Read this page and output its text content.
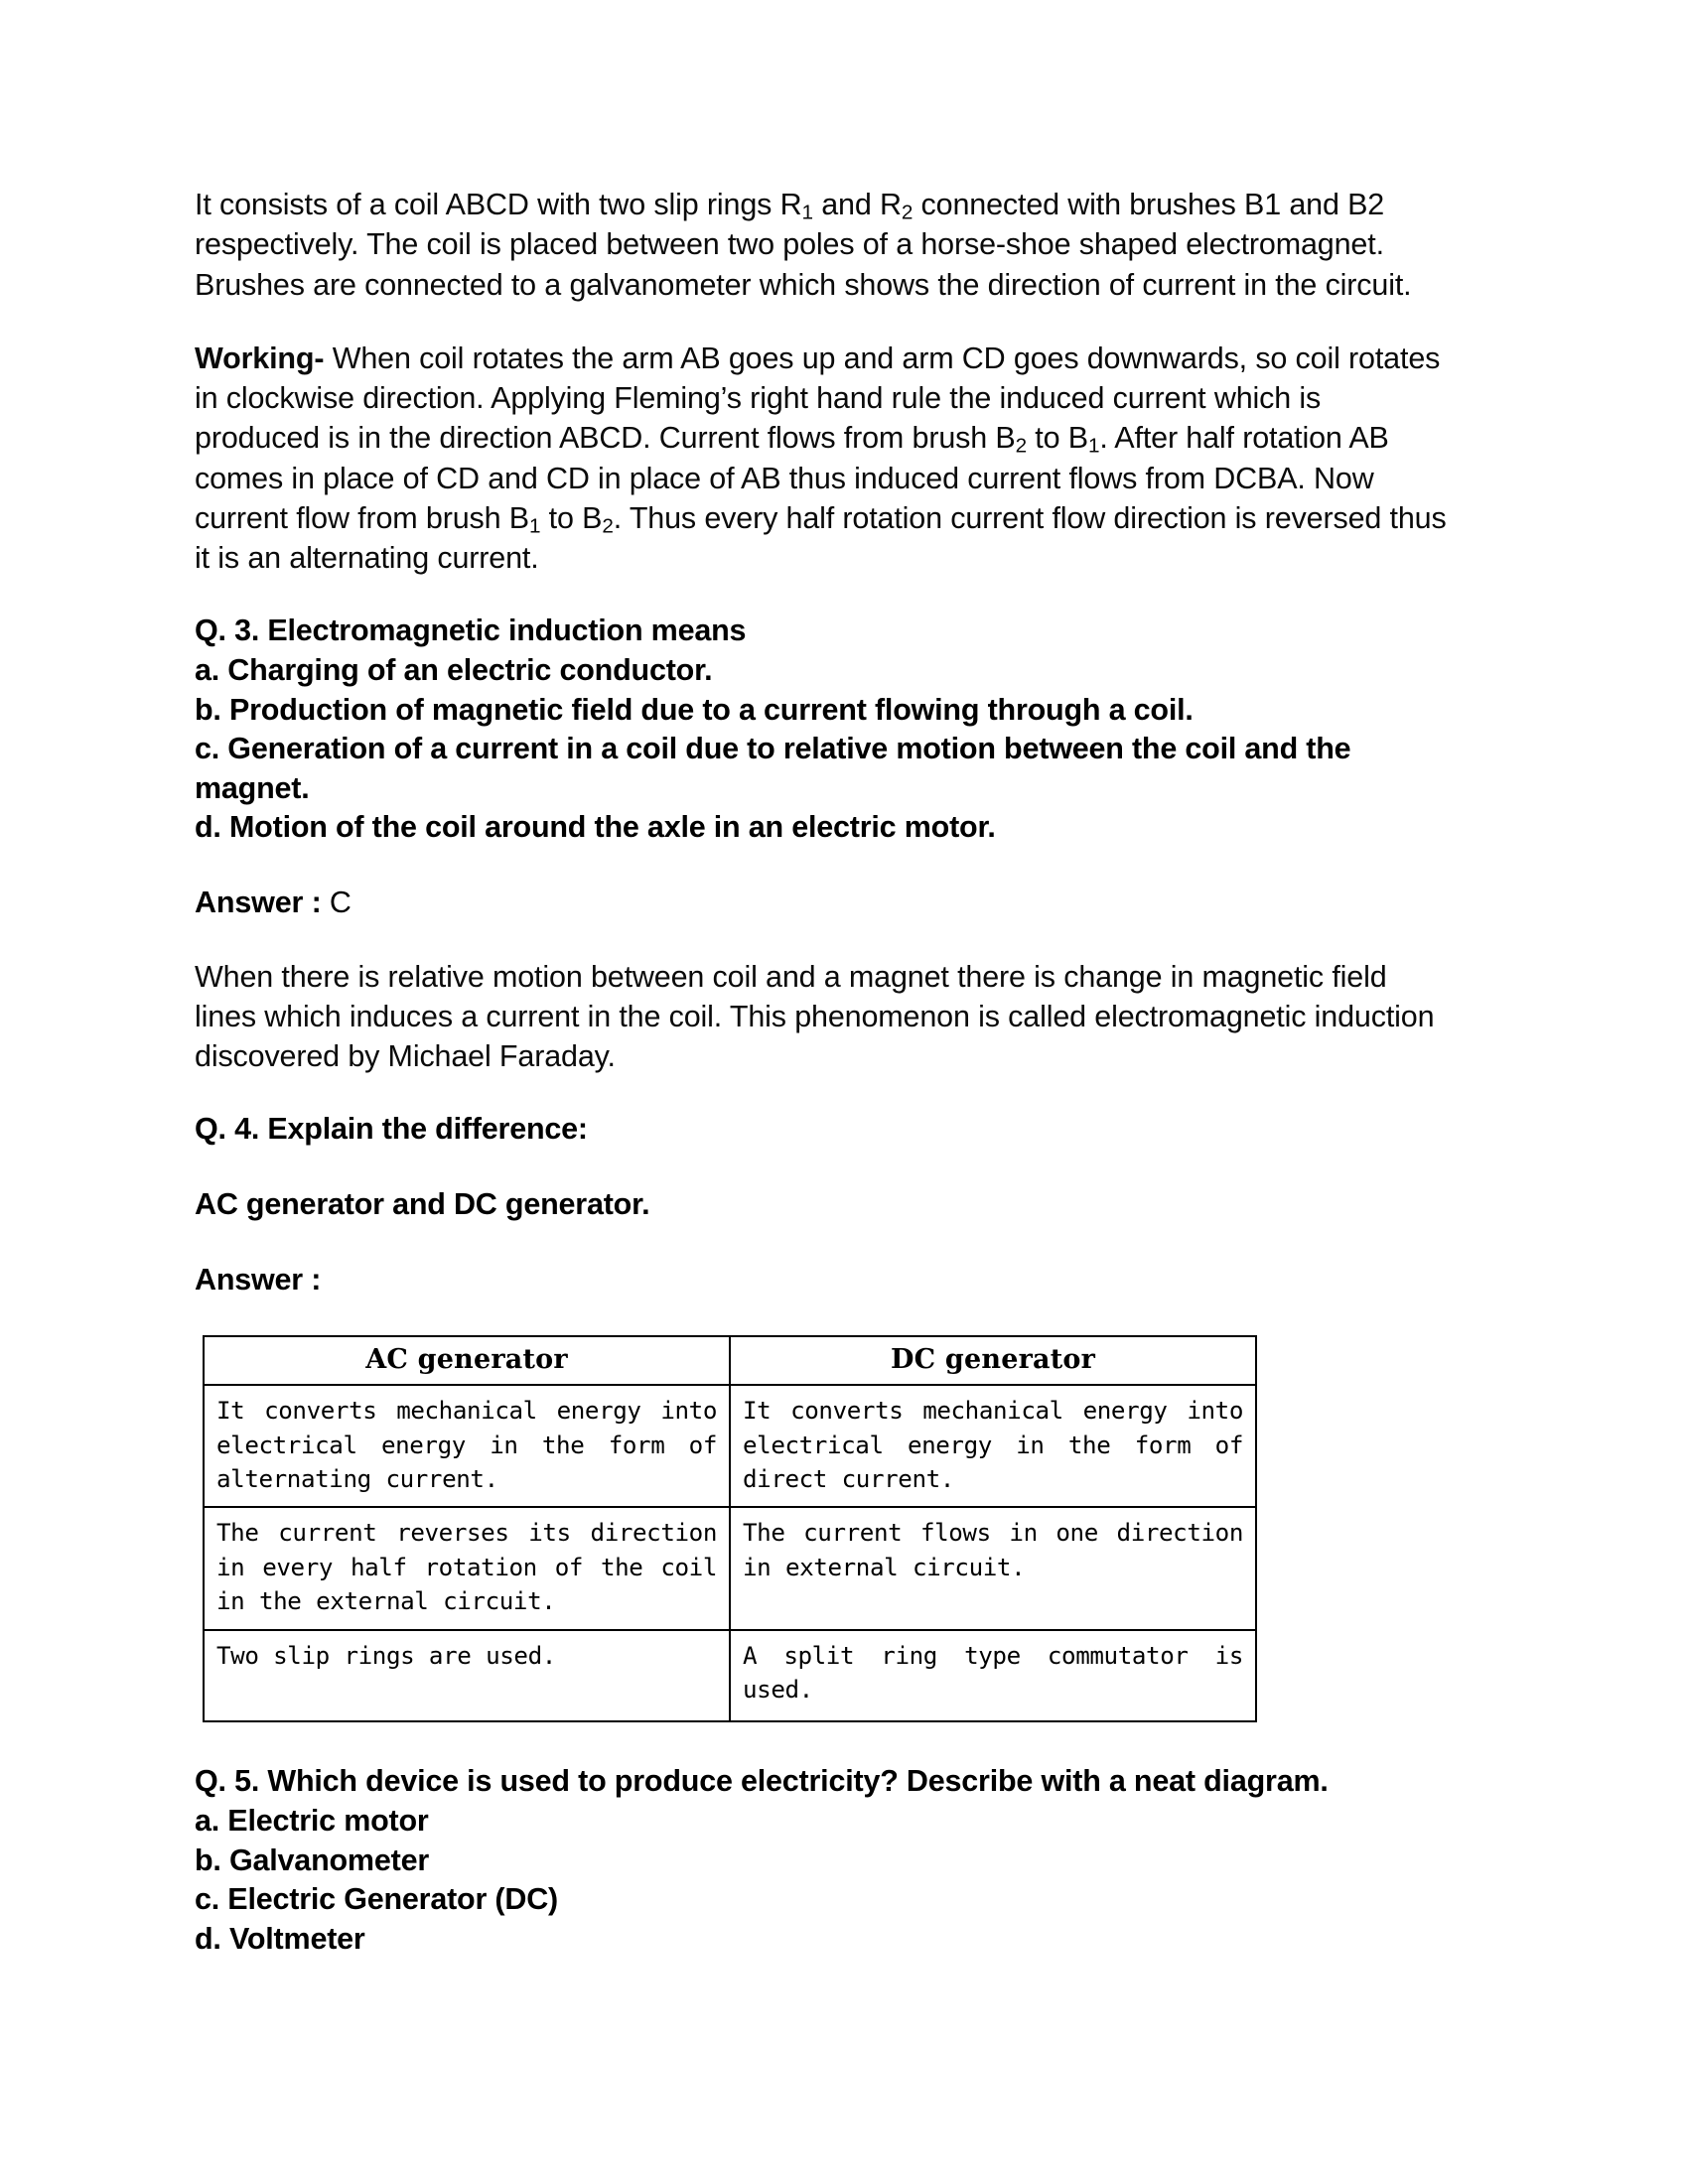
It consists of a coil ABCD with two slip rings $R_1$ and $R_2$ connected with brushes B1 and B2 respectively. The coil is placed between two poles of a horse-shoe shaped electromagnet. Brushes are connected to a galvanometer which shows the direction of current in the circuit.

Working- When coil rotates the arm AB goes up and arm CD goes downwards, so coil rotates in clockwise direction. Applying Fleming’s right hand rule the induced current which is produced is in the direction ABCD. Current flows from brush $B_2$ to $B_1$. After half rotation AB comes in place of CD and CD in place of AB thus induced current flows from DCBA. Now current flow from brush $B_1$ to $B_2$. Thus every half rotation current flow direction is reversed thus it is an alternating current.

Q. 3. Electromagnetic induction means
a. Charging of an electric conductor.
b. Production of magnetic field due to a current flowing through a coil.
c. Generation of a current in a coil due to relative motion between the coil and the magnet.
d. Motion of the coil around the axle in an electric motor.

Answer : C

When there is relative motion between coil and a magnet there is change in magnetic field lines which induces a current in the coil. This phenomenon is called electromagnetic induction discovered by Michael Faraday.

Q. 4. Explain the difference:
AC generator and DC generator.
Answer :
AC generator	DC generator
It converts mechanical energy into electrical energy in the form of alternating current.	It converts mechanical energy into electrical energy in the form of direct current.
The current reverses its direction in every half rotation of the coil in the external circuit.	The current flows in one direction in external circuit.
Two slip rings are used.	A split ring type commutator is used.
Q. 5. Which device is used to produce electricity? Describe with a neat diagram.
a. Electric motor
b. Galvanometer
c. Electric Generator (DC)
d. Voltmeter
